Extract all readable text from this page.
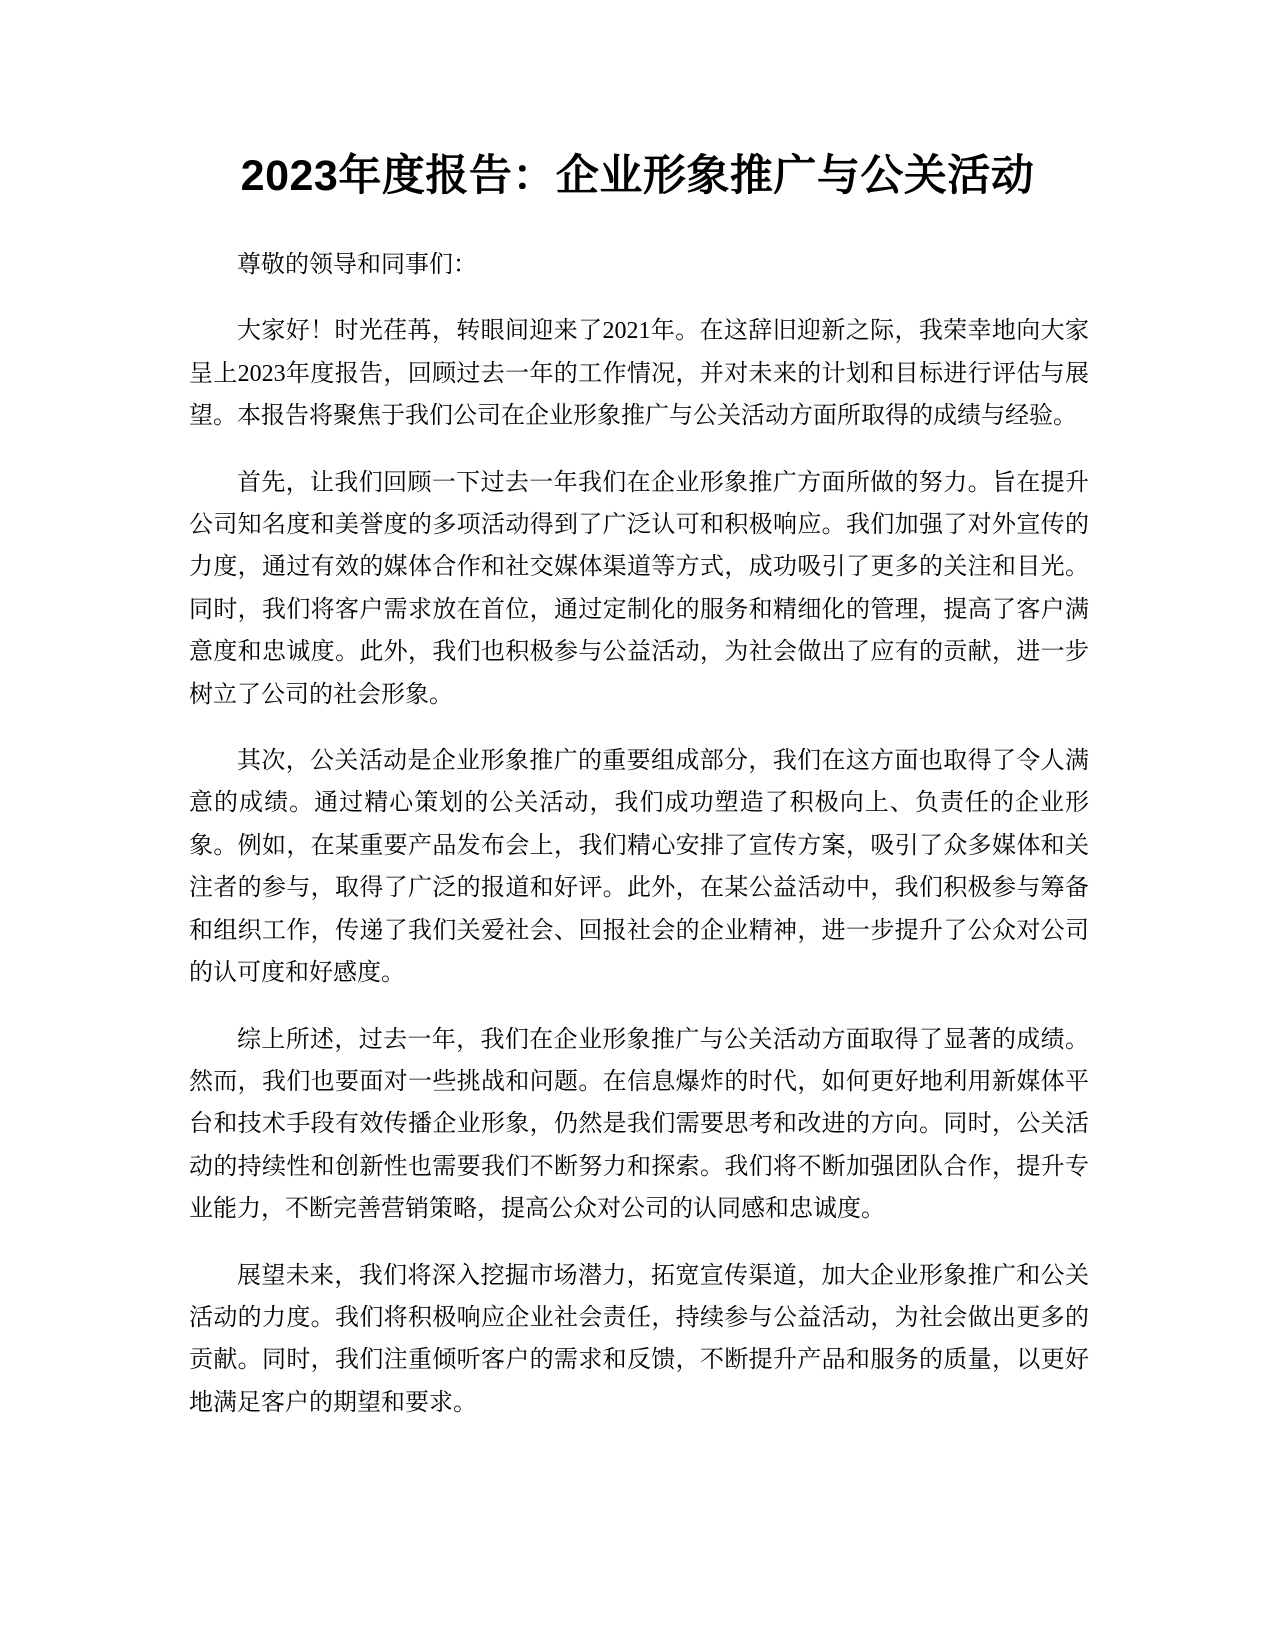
2023年度报告：企业形象推广与公关活动

尊敬的领导和同事们：

大家好！时光荏苒，转眼间迎来了2021年。在这辞旧迎新之际，我荣幸地向大家呈上2023年度报告，回顾过去一年的工作情况，并对未来的计划和目标进行评估与展望。本报告将聚焦于我们公司在企业形象推广与公关活动方面所取得的成绩与经验。

首先，让我们回顾一下过去一年我们在企业形象推广方面所做的努力。旨在提升公司知名度和美誉度的多项活动得到了广泛认可和积极响应。我们加强了对外宣传的力度，通过有效的媒体合作和社交媒体渠道等方式，成功吸引了更多的关注和目光。同时，我们将客户需求放在首位，通过定制化的服务和精细化的管理，提高了客户满意度和忠诚度。此外，我们也积极参与公益活动，为社会做出了应有的贡献，进一步树立了公司的社会形象。

其次，公关活动是企业形象推广的重要组成部分，我们在这方面也取得了令人满意的成绩。通过精心策划的公关活动，我们成功塑造了积极向上、负责任的企业形象。例如，在某重要产品发布会上，我们精心安排了宣传方案，吸引了众多媒体和关注者的参与，取得了广泛的报道和好评。此外，在某公益活动中，我们积极参与筹备和组织工作，传递了我们关爱社会、回报社会的企业精神，进一步提升了公众对公司的认可度和好感度。

综上所述，过去一年，我们在企业形象推广与公关活动方面取得了显著的成绩。然而，我们也要面对一些挑战和问题。在信息爆炸的时代，如何更好地利用新媒体平台和技术手段有效传播企业形象，仍然是我们需要思考和改进的方向。同时，公关活动的持续性和创新性也需要我们不断努力和探索。我们将不断加强团队合作，提升专业能力，不断完善营销策略，提高公众对公司的认同感和忠诚度。

展望未来，我们将深入挖掘市场潜力，拓宽宣传渠道，加大企业形象推广和公关活动的力度。我们将积极响应企业社会责任，持续参与公益活动，为社会做出更多的贡献。同时，我们注重倾听客户的需求和反馈，不断提升产品和服务的质量，以更好地满足客户的期望和要求。
